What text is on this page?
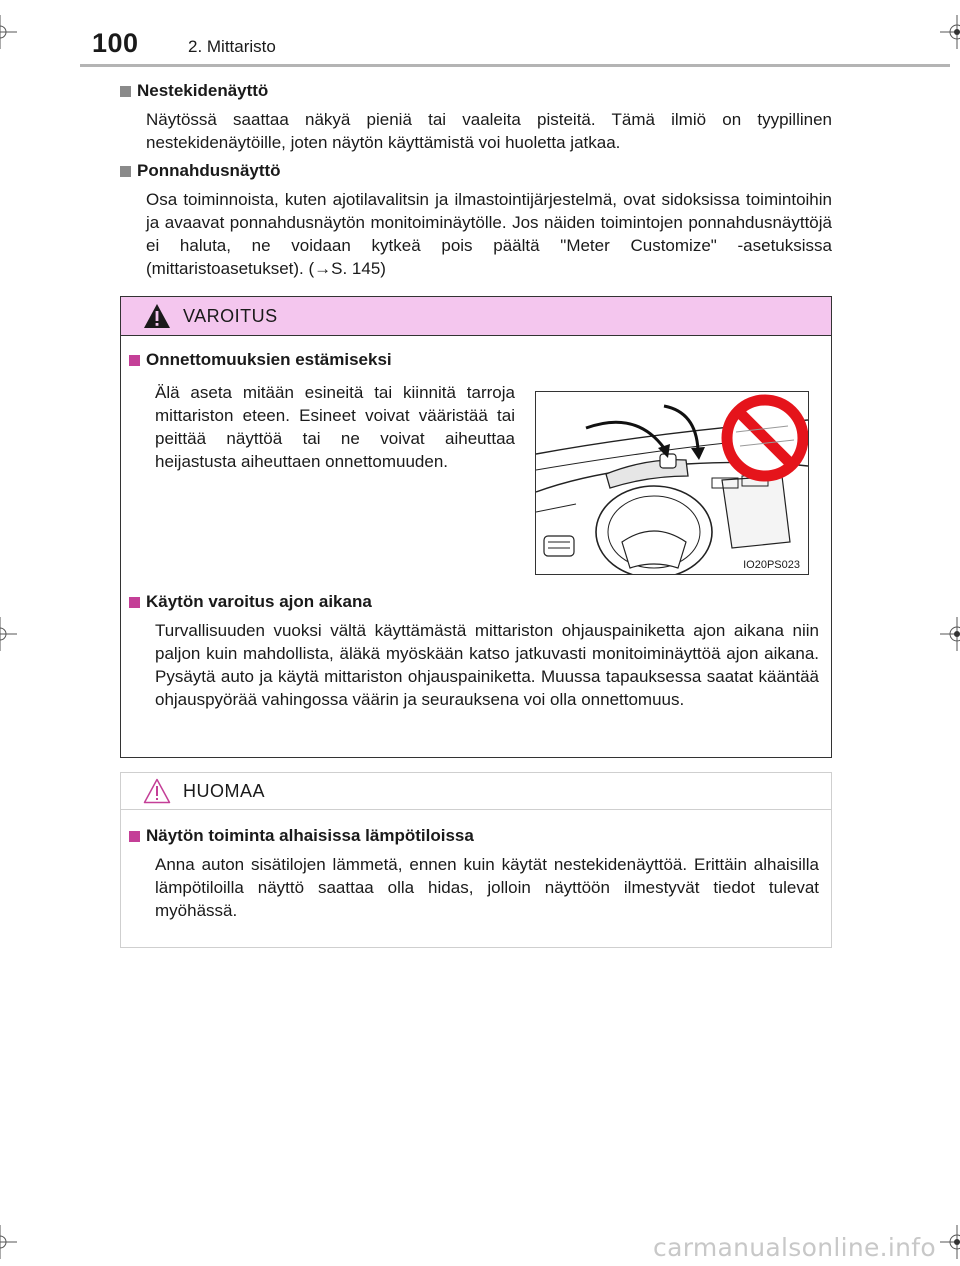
100	2. Mittaristo
Nestekidenäyttö

Näytössä saattaa näkyä pieniä tai vaaleita pisteitä. Tämä ilmiö on tyypillinen nestekidenäytöille, joten näytön käyttämistä voi huoletta jatkaa.

Ponnahdusnäyttö

Osa toiminnoista, kuten ajotilavalitsin ja ilmastointijärjestelmä, ovat sidoksissa toimintoihin ja avaavat ponnahdusnäytön monitoiminäytölle. Jos näiden toimintojen ponnahdusnäyttöjä ei haluta, ne voidaan kytkeä pois päältä "Meter Customize" -asetuksissa (mittaristoasetukset). (→S. 145)

VAROITUS
Onnettomuuksien estämiseksi

Älä aseta mitään esineitä tai kiinnitä tarroja mittariston eteen. Esineet voivat vääristää tai peittää näyttöä tai ne voivat aiheuttaa heijastusta aiheuttaen onnettomuuden.

IO20PS023
Käytön varoitus ajon aikana

Turvallisuuden vuoksi vältä käyttämästä mittariston ohjauspainiketta ajon aikana niin paljon kuin mahdollista, äläkä myöskään katso jatkuvasti monitoiminäyttöä ajon aikana. Pysäytä auto ja käytä mittariston ohjauspainiketta. Muussa tapauksessa saatat kääntää ohjauspyörää vahingossa väärin ja seurauksena voi olla onnettomuus.

HUOMAA
Näytön toiminta alhaisissa lämpötiloissa

Anna auton sisätilojen lämmetä, ennen kuin käytät nestekidenäyttöä. Erittäin alhaisilla lämpötiloilla näyttö saattaa olla hidas, jolloin näyttöön ilmestyvät tiedot tulevat myöhässä.

carmanualsonline.info
